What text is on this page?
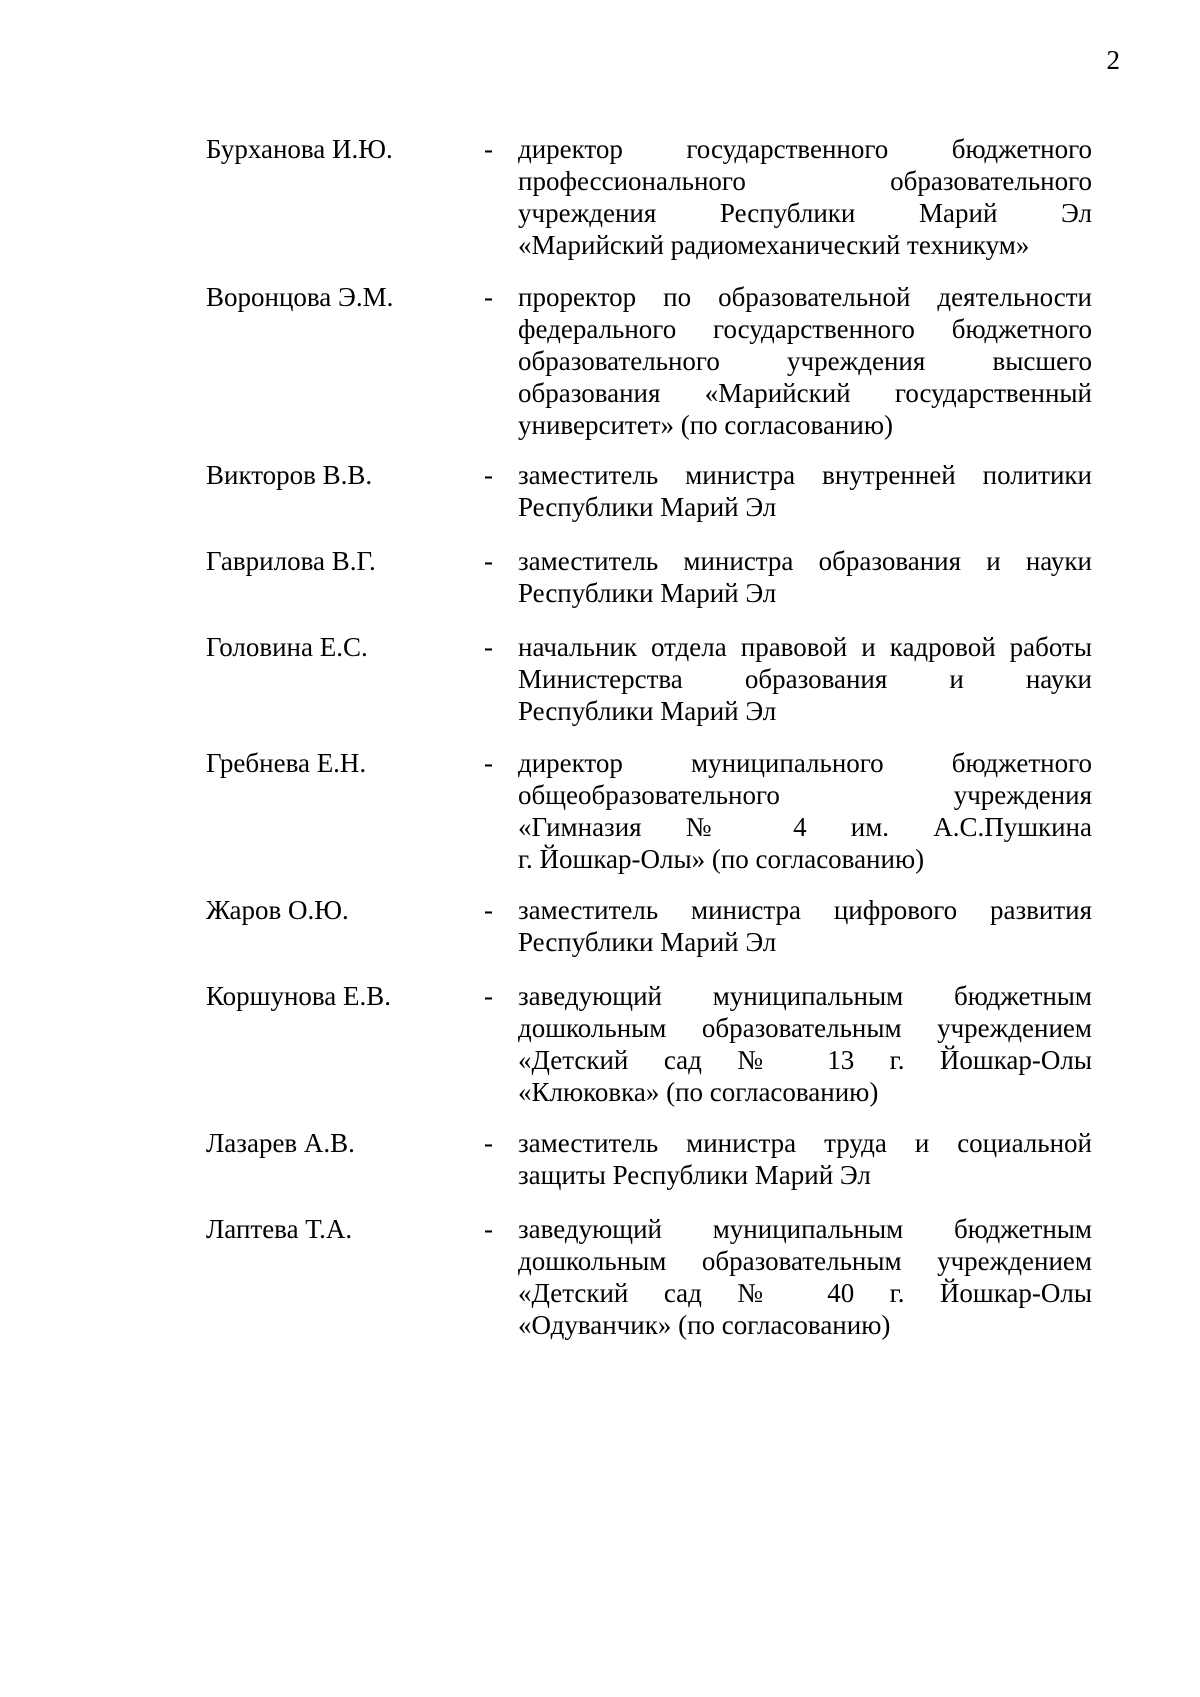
2
Бурханова И.Ю.	- директор государственного бюджетного
профессионального образовательного
учреждения Республики Марий Эл
«Марийский радиомеханический техникум»
Воронцова Э.М.	- проректор по образовательной деятельности
федерального государственного бюджетного
образовательного учреждения высшего
образования «Марийский государственный
университет» (по согласованию)
Викторов В.В.	- заместитель министра внутренней политики
Республики Марий Эл
Гаврилова В.Г.	- заместитель министра образования и науки
Республики Марий Эл
Головина Е.С.	- начальник отдела правовой и кадровой работы
Министерства образования и науки
Республики Марий Эл
Гребнева Е.Н.	- директор муниципального бюджетного
общеобразовательного учреждения
«Гимназия № 4 им. А.С.Пушкина
г. Йошкар-Олы» (по согласованию)
Жаров О.Ю.	- заместитель министра цифрового развития
Республики Марий Эл
Коршунова Е.В.	- заведующий муниципальным бюджетным
дошкольным образовательным учреждением
«Детский сад № 13 г. Йошкар-Олы
«Клюковка» (по согласованию)
Лазарев А.В.	- заместитель министра труда и социальной
защиты Республики Марий Эл
Лаптева Т.А.	- заведующий муниципальным бюджетным
дошкольным образовательным учреждением
«Детский сад № 40 г. Йошкар-Олы
«Одуванчик» (по согласованию)
